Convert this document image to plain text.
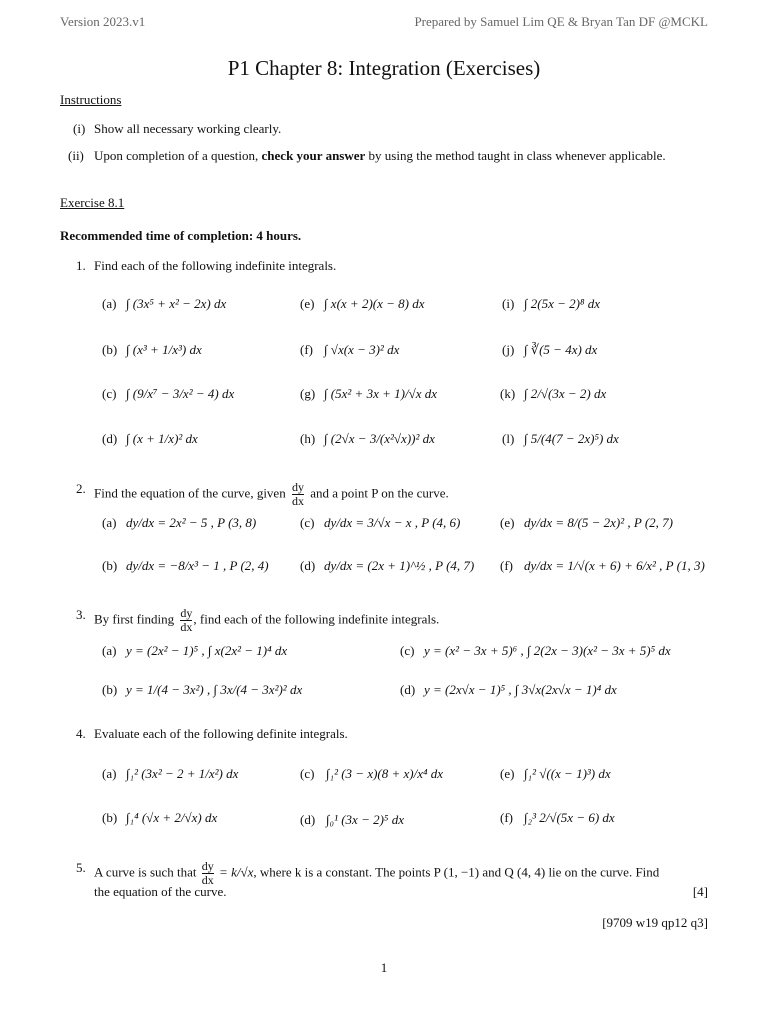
Version 2023.v1	Prepared by Samuel Lim QE & Bryan Tan DF @MCKL
P1 Chapter 8: Integration (Exercises)
Instructions
(i) Show all necessary working clearly.
(ii) Upon completion of a question, check your answer by using the method taught in class whenever applicable.
Exercise 8.1
Recommended time of completion: 4 hours.
1. Find each of the following indefinite integrals.
(a) ∫ (3x⁵ + x² − 2x) dx
(b) ∫ (x³ + 1/x³) dx
(c) ∫ (9/x⁷ − 3/x² − 4) dx
(d) ∫ (x + 1/x)² dx
(e) ∫ x(x + 2)(x − 8) dx
(f) ∫ √x(x − 3)² dx
(g) ∫ (5x² + 3x + 1)/√x dx
(h) ∫ (2√x − 3/(x²√x))² dx
(i) ∫ 2(5x − 2)⁸ dx
(j) ∫ ∛(5 − 4x) dx
(k) ∫ 2/√(3x − 2) dx
(l) ∫ 5/(4(7 − 2x)⁵) dx
2. Find the equation of the curve, given $\frac{dy}{dx}$ and a point P on the curve.
(a) dy/dx = 2x² − 5 , P (3, 8)
(b) dy/dx = −8/x³ − 1 , P (2, 4)
(c) dy/dx = 3/√x − x , P (4, 6)
(d) dy/dx = (2x + 1)^½ , P (4, 7)
(e) dy/dx = 8/(5 − 2x)² , P (2, 7)
(f) dy/dx = 1/√(x + 6) + 6/x² , P (1, 3)
3. By first finding $\frac{dy}{dx}$ , find each of the following indefinite integrals.
(a) y = (2x² − 1)⁵ , ∫ x(2x² − 1)⁴ dx
(b) y = 1/(4 − 3x²) , ∫ 3x/(4 − 3x²)² dx
(c) y = (x² − 3x + 5)⁶ , ∫ 2(2x − 3)(x² − 3x + 5)⁵ dx
(d) y = (2x√x − 1)⁵ , ∫ 3√x(2x√x − 1)⁴ dx
4. Evaluate each of the following definite integrals.
(a) ∫₁² (3x² − 2 + 1/x²) dx
(b) ∫₁⁴ (√x + 2/√x) dx
(c) ∫₁² (3 − x)(8 + x)/x⁴ dx
(d) ∫₀¹ (3x − 2)⁵ dx
(e) ∫₁² √((x − 1)³) dx
(f) ∫₂³ 2/√(5x − 6) dx
5. A curve is such that $\frac{dy}{dx} = k/√x$, where k is a constant. The points P (1, −1) and Q (4, 4) lie on the curve. Find
the equation of the curve.	[4]
[9709 w19 qp12 q3]
1
